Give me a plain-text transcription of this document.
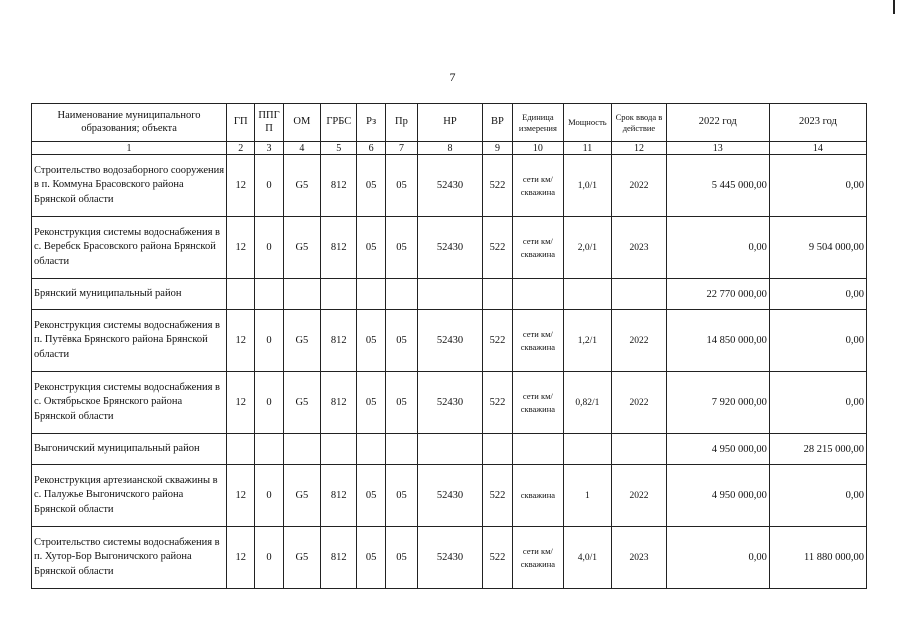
7
Наименование муниципального образования; объекта	ГП	ППГП	ОМ	ГРБС	Рз	Пр	НР	ВР	Единица измерения	Мощность	Срок ввода в действие	2022 год	2023 год
1	2	3	4	5	6	7	8	9	10	11	12	13	14
Строительство водозаборного сооружения в п. Коммуна Брасовского района Брянской области	12	0	G5	812	05	05	52430	522	сети км/скважина	1,0/1	2022	5 445 000,00	0,00
Реконструкция системы водоснабжения в с. Веребск Брасовского района Брянской области	12	0	G5	812	05	05	52430	522	сети км/скважина	2,0/1	2023	0,00	9 504 000,00
Брянский муниципальный район												22 770 000,00	0,00
Реконструкция системы водоснабжения в п. Путёвка Брянского района Брянской области	12	0	G5	812	05	05	52430	522	сети км/скважина	1,2/1	2022	14 850 000,00	0,00
Реконструкция системы водоснабжения в с. Октябрьское Брянского района Брянской области	12	0	G5	812	05	05	52430	522	сети км/скважина	0,82/1	2022	7 920 000,00	0,00
Выгоничский муниципальный район												4 950 000,00	28 215 000,00
Реконструкция артезианской скважины в с. Палужье Выгоничского района Брянской области	12	0	G5	812	05	05	52430	522	скважина	1	2022	4 950 000,00	0,00
Строительство системы водоснабжения в п. Хутор-Бор Выгоничского района Брянской области	12	0	G5	812	05	05	52430	522	сети км/скважина	4,0/1	2023	0,00	11 880 000,00
